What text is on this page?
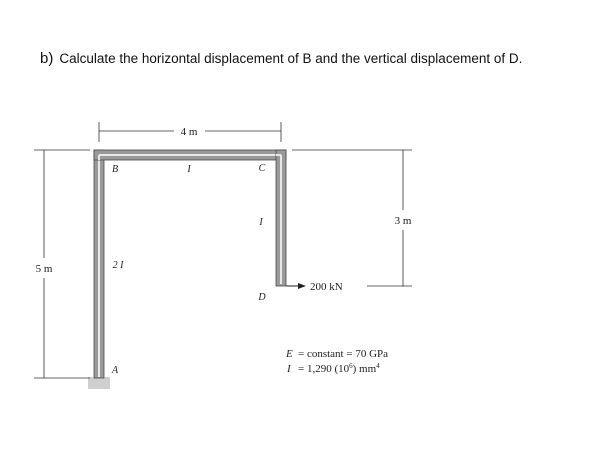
b) Calculate the horizontal displacement of B and the vertical displacement of D.
4 m
5 m
3 m
B	C
D
A
I
I
2 I
200 kN
E = constant = 70 GPa
I = 1,290 $(10^6)$ $mm^4$
